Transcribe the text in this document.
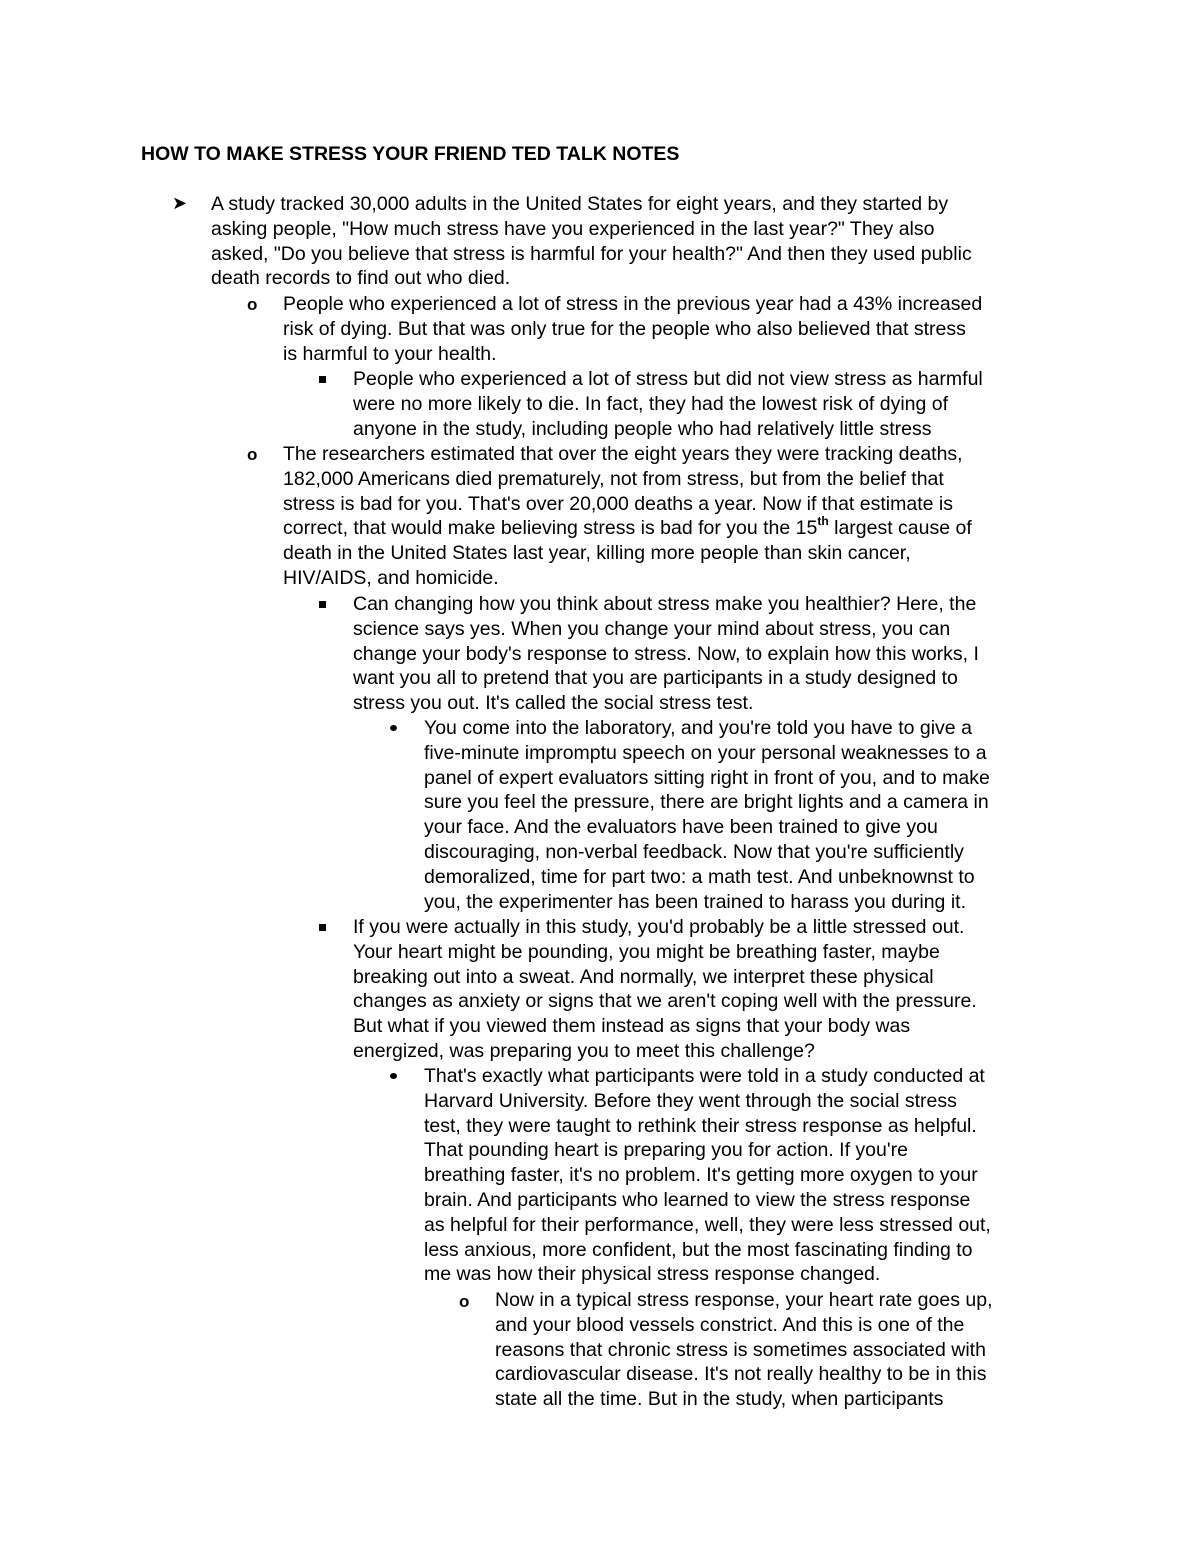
HOW TO MAKE STRESS YOUR FRIEND TED TALK NOTES
➤ A study tracked 30,000 adults in the United States for eight years, and they started by
asking people, "How much stress have you experienced in the last year?" They also
asked, "Do you believe that stress is harmful for your health?" And then they used public
death records to find out who died.
o People who experienced a lot of stress in the previous year had a 43% increased
risk of dying. But that was only true for the people who also believed that stress
is harmful to your health.
People who experienced a lot of stress but did not view stress as harmful
were no more likely to die. In fact, they had the lowest risk of dying of
anyone in the study, including people who had relatively little stress
o The researchers estimated that over the eight years they were tracking deaths,
182,000 Americans died prematurely, not from stress, but from the belief that
stress is bad for you. That's over 20,000 deaths a year. Now if that estimate is
correct, that would make believing stress is bad for you the 15th largest cause of
death in the United States last year, killing more people than skin cancer,
HIV/AIDS, and homicide.
Can changing how you think about stress make you healthier? Here, the
science says yes. When you change your mind about stress, you can
change your body's response to stress. Now, to explain how this works, I
want you all to pretend that you are participants in a study designed to
stress you out. It's called the social stress test.
You come into the laboratory, and you're told you have to give a
five-minute impromptu speech on your personal weaknesses to a
panel of expert evaluators sitting right in front of you, and to make
sure you feel the pressure, there are bright lights and a camera in
your face. And the evaluators have been trained to give you
discouraging, non-verbal feedback. Now that you're sufficiently
demoralized, time for part two: a math test. And unbeknownst to
you, the experimenter has been trained to harass you during it.
If you were actually in this study, you'd probably be a little stressed out.
Your heart might be pounding, you might be breathing faster, maybe
breaking out into a sweat. And normally, we interpret these physical
changes as anxiety or signs that we aren't coping well with the pressure.
But what if you viewed them instead as signs that your body was
energized, was preparing you to meet this challenge?
That's exactly what participants were told in a study conducted at
Harvard University. Before they went through the social stress
test, they were taught to rethink their stress response as helpful.
That pounding heart is preparing you for action. If you're
breathing faster, it's no problem. It's getting more oxygen to your
brain. And participants who learned to view the stress response
as helpful for their performance, well, they were less stressed out,
less anxious, more confident, but the most fascinating finding to
me was how their physical stress response changed.
o Now in a typical stress response, your heart rate goes up,
and your blood vessels constrict. And this is one of the
reasons that chronic stress is sometimes associated with
cardiovascular disease. It's not really healthy to be in this
state all the time. But in the study, when participants
